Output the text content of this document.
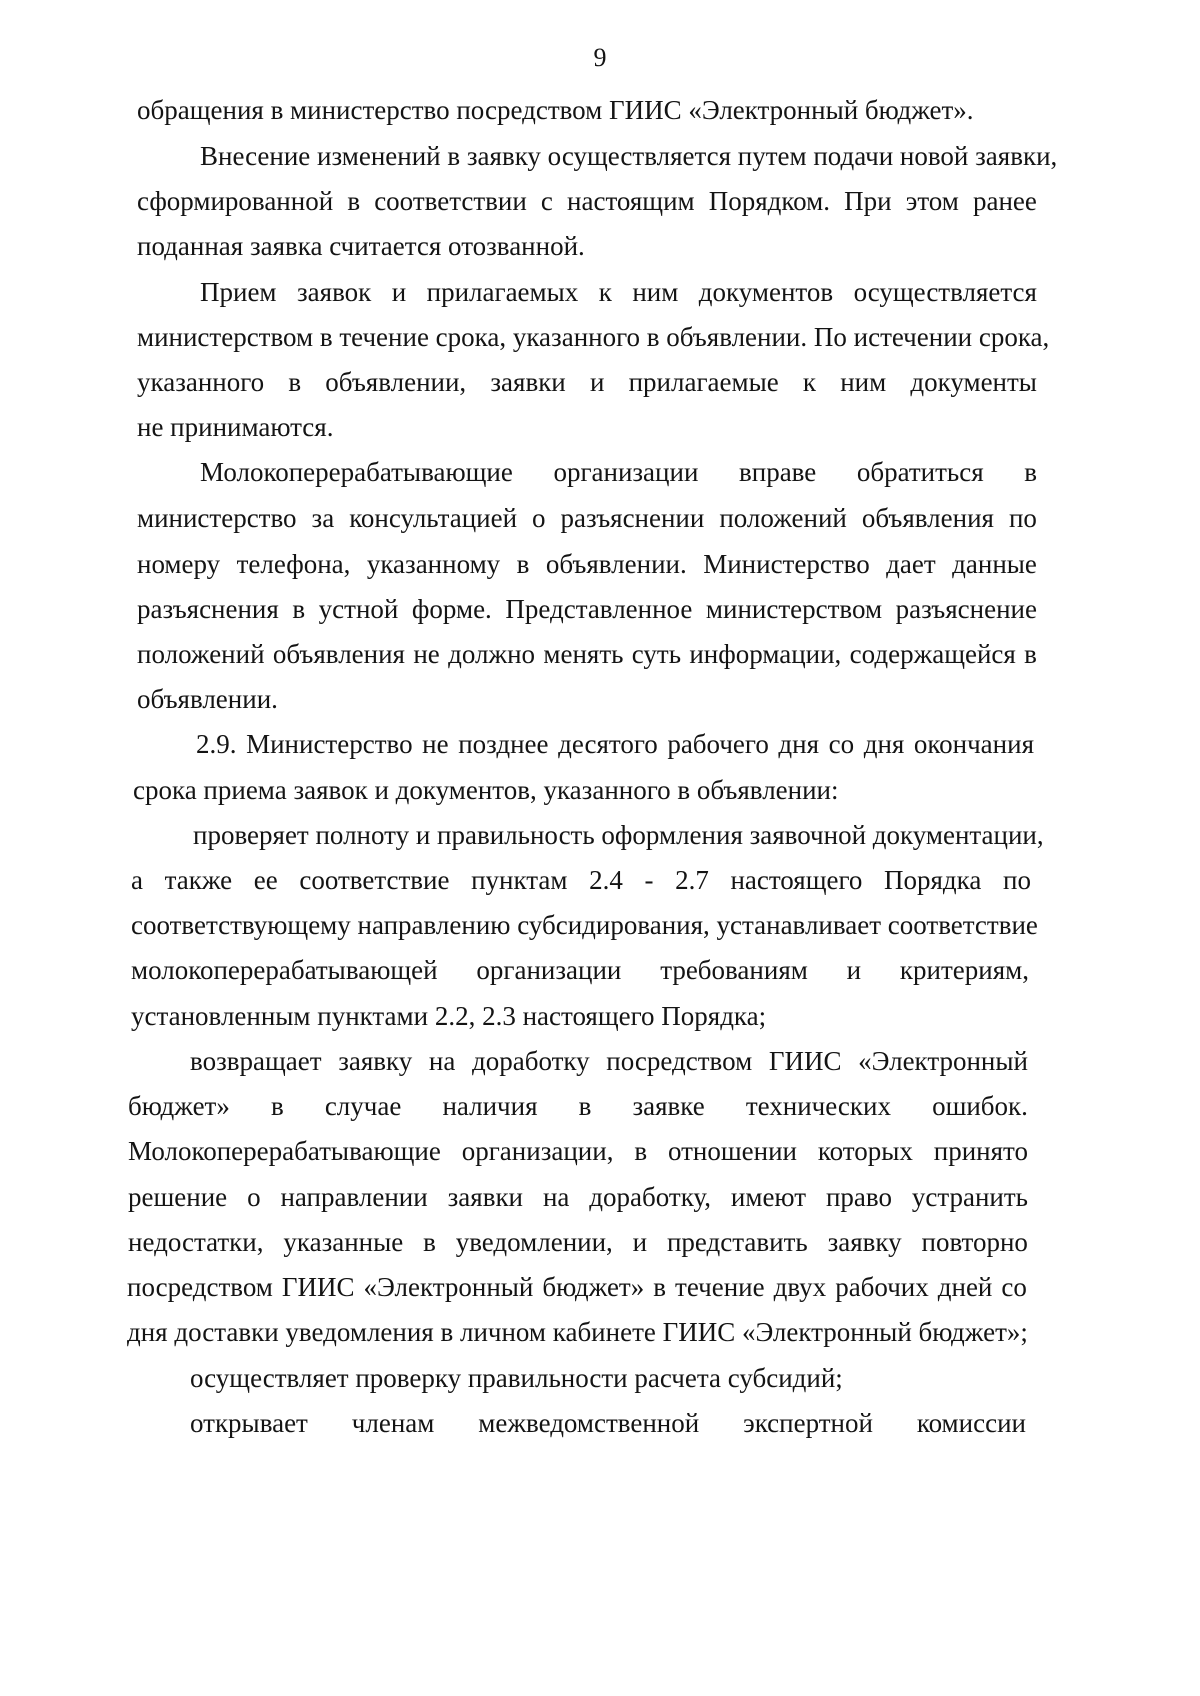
9
обращения в министерство посредством ГИИС «Электронный бюджет».
Внесение изменений в заявку осуществляется путем подачи новой заявки,
сформированной в соответствии с настоящим Порядком. При этом ранее
поданная заявка считается отозванной.
Прием заявок и прилагаемых к ним документов осуществляется
министерством в течение срока, указанного в объявлении. По истечении срока,
указанного в объявлении, заявки и прилагаемые к ним документы
не принимаются.
Молокоперерабатывающие организации вправе обратиться в
министерство за консультацией о разъяснении положений объявления по
номеру телефона, указанному в объявлении. Министерство дает данные
разъяснения в устной форме. Представленное министерством разъяснение
положений объявления не должно менять суть информации, содержащейся в
объявлении.
2.9. Министерство не позднее десятого рабочего дня со дня окончания
срока приема заявок и документов, указанного в объявлении:
проверяет полноту и правильность оформления заявочной документации,
а также ее соответствие пунктам 2.4 - 2.7 настоящего Порядка по
соответствующему направлению субсидирования, устанавливает соответствие
молокоперерабатывающей организации требованиям и критериям,
установленным пунктами 2.2, 2.3 настоящего Порядка;
возвращает заявку на доработку посредством ГИИС «Электронный
бюджет» в случае наличия в заявке технических ошибок.
Молокоперерабатывающие организации, в отношении которых принято
решение о направлении заявки на доработку, имеют право устранить
недостатки, указанные в уведомлении, и представить заявку повторно
посредством ГИИС «Электронный бюджет» в течение двух рабочих дней со
дня доставки уведомления в личном кабинете ГИИС «Электронный бюджет»;
осуществляет проверку правильности расчета субсидий;
открывает членам межведомственной экспертной комиссии
